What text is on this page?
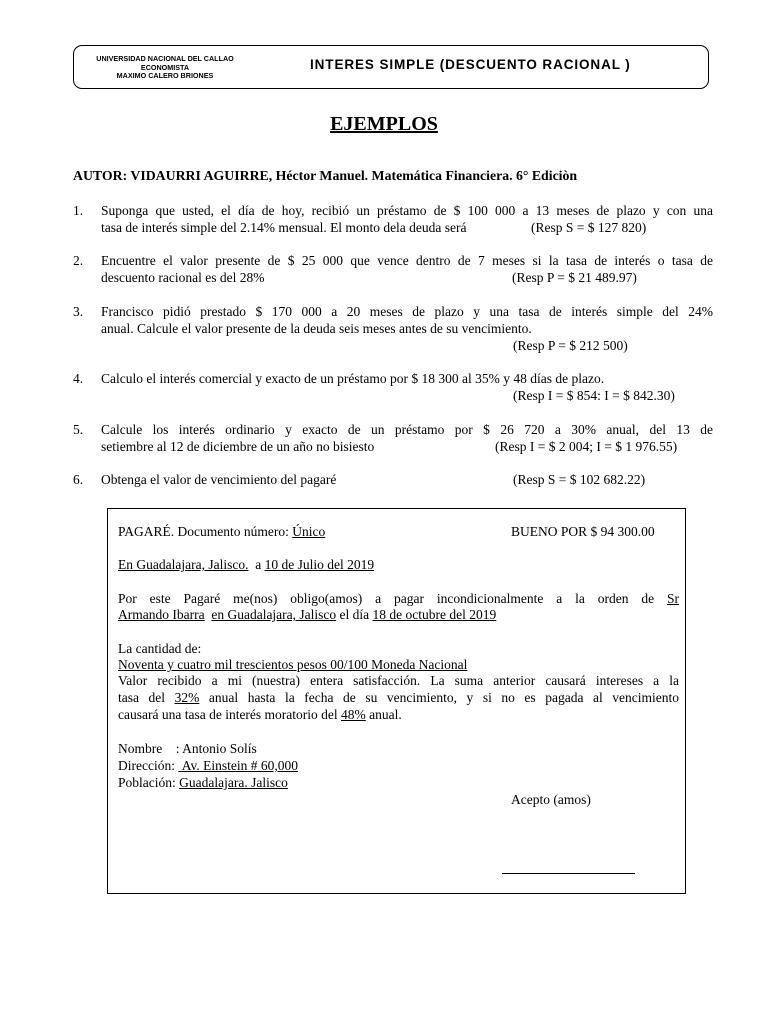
UNIVERSIDAD NACIONAL DEL CALLAO
ECONOMISTA
MAXIMO CALERO BRIONES
INTERES SIMPLE (DESCUENTO RACIONAL )
EJEMPLOS
AUTOR: VIDAURRI AGUIRRE, Héctor Manuel. Matemática Financiera. 6° Ediciòn
1. Suponga que usted, el día de hoy, recibió un préstamo de $ 100 000 a 13 meses de plazo y con una
tasa de interés simple del 2.14% mensual. El monto dela deuda será	(Resp S = $ 127 820)
2. Encuentre el valor presente de $ 25 000 que vence dentro de 7 meses si la tasa de interés o tasa de
descuento racional es del 28%	(Resp P = $ 21 489.97)
3. Francisco pidió prestado $ 170 000 a 20 meses de plazo y una tasa de interés simple del 24%
anual. Calcule el valor presente de la deuda seis meses antes de su vencimiento.
(Resp P = $ 212 500)
4. Calculo el interés comercial y exacto de un préstamo por $ 18 300 al 35% y 48 días de plazo.
(Resp I = $ 854: I = $ 842.30)
5. Calcule los interés ordinario y exacto de un préstamo por $ 26 720 a 30% anual, del 13 de
setiembre al 12 de diciembre de un año no bisiesto	(Resp I = $ 2 004; I = $ 1 976.55)
6. Obtenga el valor de vencimiento del pagaré	(Resp S = $ 102 682.22)
PAGARÉ. Documento número: Único	BUENO POR $ 94 300.00
En Guadalajara, Jalisco. a 10 de Julio del 2019
Por este Pagaré me(nos) obligo(amos) a pagar incondicionalmente a la orden de Sr
Armando Ibarra en Guadalajara, Jalisco el día 18 de octubre del 2019
La cantidad de:
Noventa y cuatro mil trescientos pesos 00/100 Moneda Nacional
Valor recibido a mi (nuestra) entera satisfacción. La suma anterior causará intereses a la
tasa del 32% anual hasta la fecha de su vencimiento, y si no es pagada al vencimiento
causará una tasa de interés moratorio del 48% anual.
Nombre : Antonio Solís
Dirección: Av. Einstein # 60,000
Población: Guadalajara. Jalisco
Acepto (amos)
